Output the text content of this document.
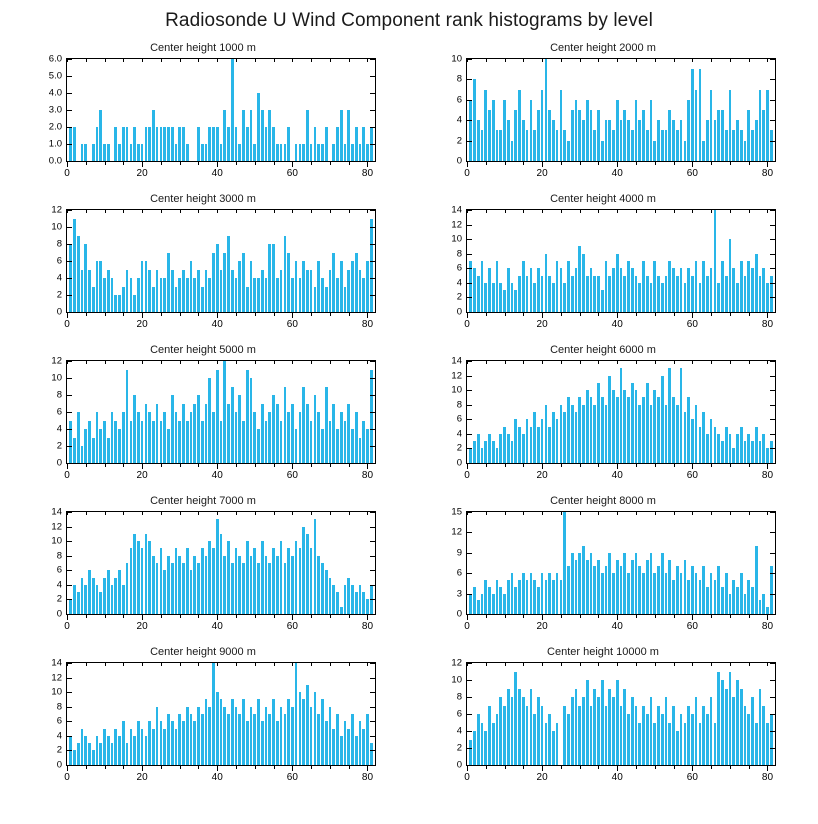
Radiosonde U Wind Component rank histograms by level
Center height 1000 m
0.0
1.0
2.0
3.0
4.0
5.0
6.0
0	20	40	60	80
Center height 2000 m
0
2
4
6
8
10
0	20	40	60	80
Center height 3000 m
0
2
4
6
8
10
12
0	20	40	60	80
Center height 4000 m
0
2
4
6
8
10
12
14
0	20	40	60	80
Center height 5000 m
0
2
4
6
8
10
12
0	20	40	60	80
Center height 6000 m
0
2
4
6
8
10
12
14
0	20	40	60	80
Center height 7000 m
0
2
4
6
8
10
12
14
0	20	40	60	80
Center height 8000 m
0
3
6
9
12
15
0	20	40	60	80
Center height 9000 m
0
2
4
6
8
10
12
14
0	20	40	60	80
Center height 10000 m
0
2
4
6
8
10
12
0	20	40	60	80
